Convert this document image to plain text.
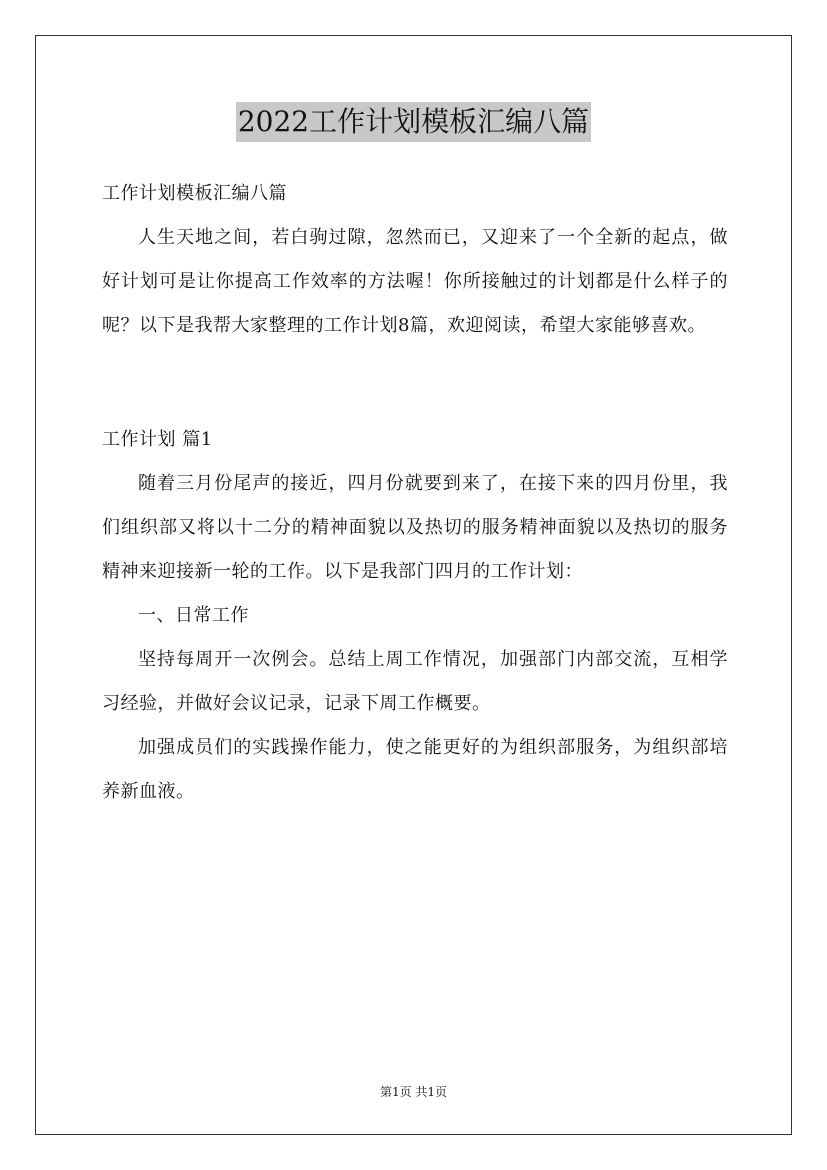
2022工作计划模板汇编八篇

工作计划模板汇编八篇

人生天地之间，若白驹过隙，忽然而已，又迎来了一个全新的起点，做好计划可是让你提高工作效率的方法喔！你所接触过的计划都是什么样子的呢？以下是我帮大家整理的工作计划8篇，欢迎阅读，希望大家能够喜欢。

工作计划 篇1

随着三月份尾声的接近，四月份就要到来了，在接下来的四月份里，我们组织部又将以十二分的精神面貌以及热切的服务精神面貌以及热切的服务精神来迎接新一轮的工作。以下是我部门四月的工作计划：

一、日常工作

坚持每周开一次例会。总结上周工作情况，加强部门内部交流，互相学习经验，并做好会议记录，记录下周工作概要。

加强成员们的实践操作能力，使之能更好的为组织部服务，为组织部培养新血液。

第1页 共1页
